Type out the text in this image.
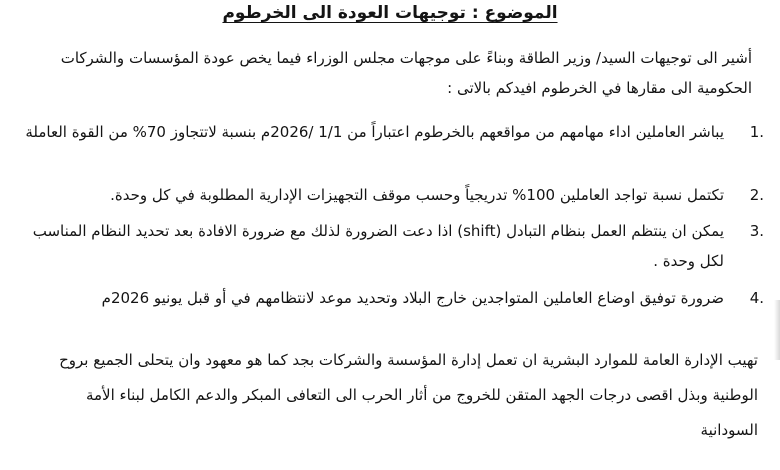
الموضوع : توجيهات العودة الى الخرطوم

أشير الى توجيهات السيد/ وزير الطاقة وبناءً على موجهات مجلس الوزراء فيما يخص عودة المؤسسات والشركات الحكومية الى مقارها في الخرطوم افيدكم بالاتى :

1.
يباشر العاملين اداء مهامهم من مواقعهم بالخرطوم اعتباراً من 1/1 /2026م بنسبة لاتتجاوز 70% من القوة العاملة
2.
تكتمل نسبة تواجد العاملين 100% تدريجياً وحسب موقف التجهيزات الإدارية المطلوبة في كل وحدة.
3.
يمكن ان ينتظم العمل بنظام التبادل (shift) اذا دعت الضرورة لذلك مع ضرورة الافادة بعد تحديد النظام المناسب لكل وحدة .
4.
ضرورة توفيق اوضاع العاملين المتواجدين خارج البلاد وتحديد موعد لانتظامهم في أو قبل يونيو 2026م

تهيب الإدارة العامة للموارد البشرية ان تعمل إدارة المؤسسة والشركات بجد كما هو معهود وان يتحلى الجميع بروح الوطنية وبذل اقصى درجات الجهد المتقن للخروج من أثار الحرب الى التعافى المبكر والدعم الكامل لبناء الأمة السودانية
